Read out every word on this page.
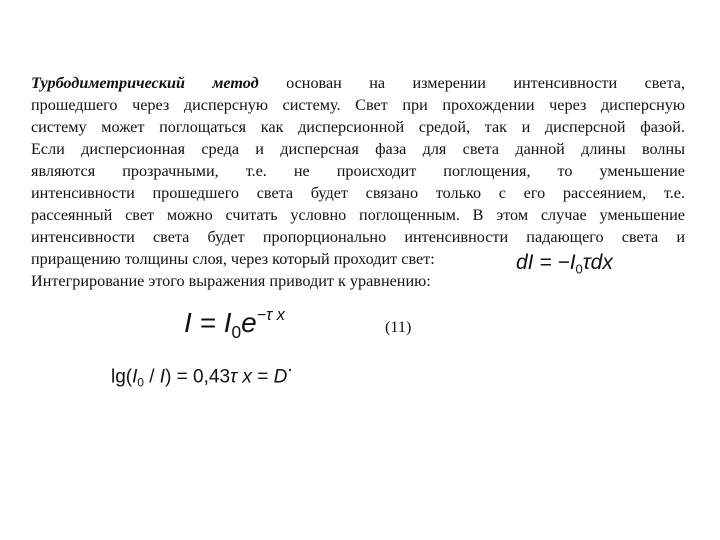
Турбодиметрический метод основан на измерении интенсивности света,
прошедшего через дисперсную систему. Свет при прохождении через дисперсную
систему может поглощаться как дисперсионной средой, так и дисперсной фазой.
Если дисперсионная среда и дисперсная фаза для света данной длины волны
являются прозрачными, т.е. не происходит поглощения, то уменьшение
интенсивности прошедшего света будет связано только с его рассеянием, т.е.
рассеянный свет можно считать условно поглощенным. В этом случае уменьшение
интенсивности света будет пропорционально интенсивности падающего света и
приращению толщины слоя, через который проходит свет:
Интегрирование этого выражения приводит к уравнению:
dI = $-I_0\tau dx$
$I = I_0e^{-\tau x}$
(11)
$\lg(I_0 / I) = 0,43\tau$ x = D.
